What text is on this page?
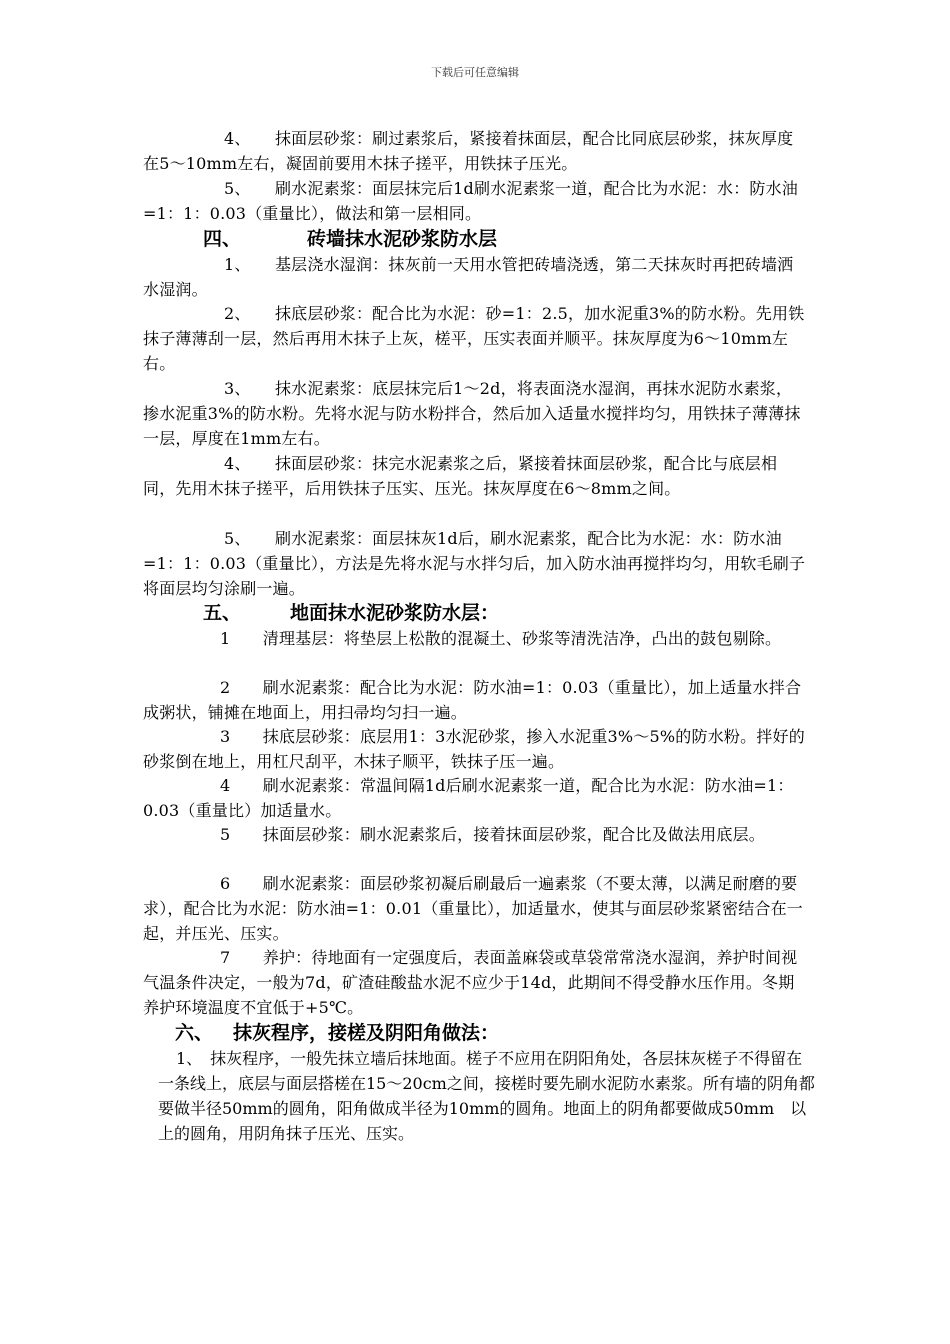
下载后可任意编辑

4、　　抹面层砂浆：刷过素浆后，紧接着抹面层，配合比同底层砂浆，抹灰厚度在5～10mm左右，凝固前要用木抹子搓平，用铁抹子压光。

5、　　刷水泥素浆：面层抹完后1d刷水泥素浆一道，配合比为水泥：水：防水油=1：1：0.03（重量比），做法和第一层相同。

四、	砖墙抹水泥砂浆防水层

1、　　基层浇水湿润：抹灰前一天用水管把砖墙浇透，第二天抹灰时再把砖墙洒水湿润。

2、　　抹底层砂浆：配合比为水泥：砂=1：2.5，加水泥重3%的防水粉。先用铁抹子薄薄刮一层，然后再用木抹子上灰，槎平，压实表面并顺平。抹灰厚度为6～10mm左右。

3、　　抹水泥素浆：底层抹完后1～2d，将表面浇水湿润，再抹水泥防水素浆，掺水泥重3%的防水粉。先将水泥与防水粉拌合，然后加入适量水搅拌均匀，用铁抹子薄薄抹一层，厚度在1mm左右。

4、　　抹面层砂浆：抹完水泥素浆之后，紧接着抹面层砂浆，配合比与底层相同，先用木抹子搓平，后用铁抹子压实、压光。抹灰厚度在6～8mm之间。

5、　　刷水泥素浆：面层抹灰1d后，刷水泥素浆，配合比为水泥：水：防水油=1：1：0.03（重量比），方法是先将水泥与水拌匀后，加入防水油再搅拌均匀，用软毛刷子将面层均匀涂刷一遍。

五、	地面抹水泥砂浆防水层：

1　　清理基层：将垫层上松散的混凝土、砂浆等清洗洁净，凸出的鼓包剔除。

2　　刷水泥素浆：配合比为水泥：防水油=1：0.03（重量比），加上适量水拌合成粥状，铺摊在地面上，用扫帚均匀扫一遍。

3　　抹底层砂浆：底层用1：3水泥砂浆，掺入水泥重3%～5%的防水粉。拌好的砂浆倒在地上，用杠尺刮平，木抹子顺平，铁抹子压一遍。

4　　刷水泥素浆：常温间隔1d后刷水泥素浆一道，配合比为水泥：防水油=1：0.03（重量比）加适量水。

5　　抹面层砂浆：刷水泥素浆后，接着抹面层砂浆，配合比及做法用底层。

6　　刷水泥素浆：面层砂浆初凝后刷最后一遍素浆（不要太薄，以满足耐磨的要求），配合比为水泥：防水油=1：0.01（重量比），加适量水，使其与面层砂浆紧密结合在一起，并压光、压实。

7　　养护：待地面有一定强度后，表面盖麻袋或草袋常常浇水湿润，养护时间视气温条件决定，一般为7d，矿渣硅酸盐水泥不应少于14d，此期间不得受静水压作用。冬期养护环境温度不宜低于+5℃。

六、 抹灰程序，接槎及阴阳角做法：

1、　抹灰程序，一般先抹立墙后抹地面。槎子不应用在阴阳角处，各层抹灰槎子不得留在一条线上，底层与面层搭槎在15～20cm之间，接槎时要先刷水泥防水素浆。所有墙的阴角都要做半径50mm的圆角，阳角做成半径为10mm的圆角。地面上的阴角都要做成50mm　以上的圆角，用阴角抹子压光、压实。
